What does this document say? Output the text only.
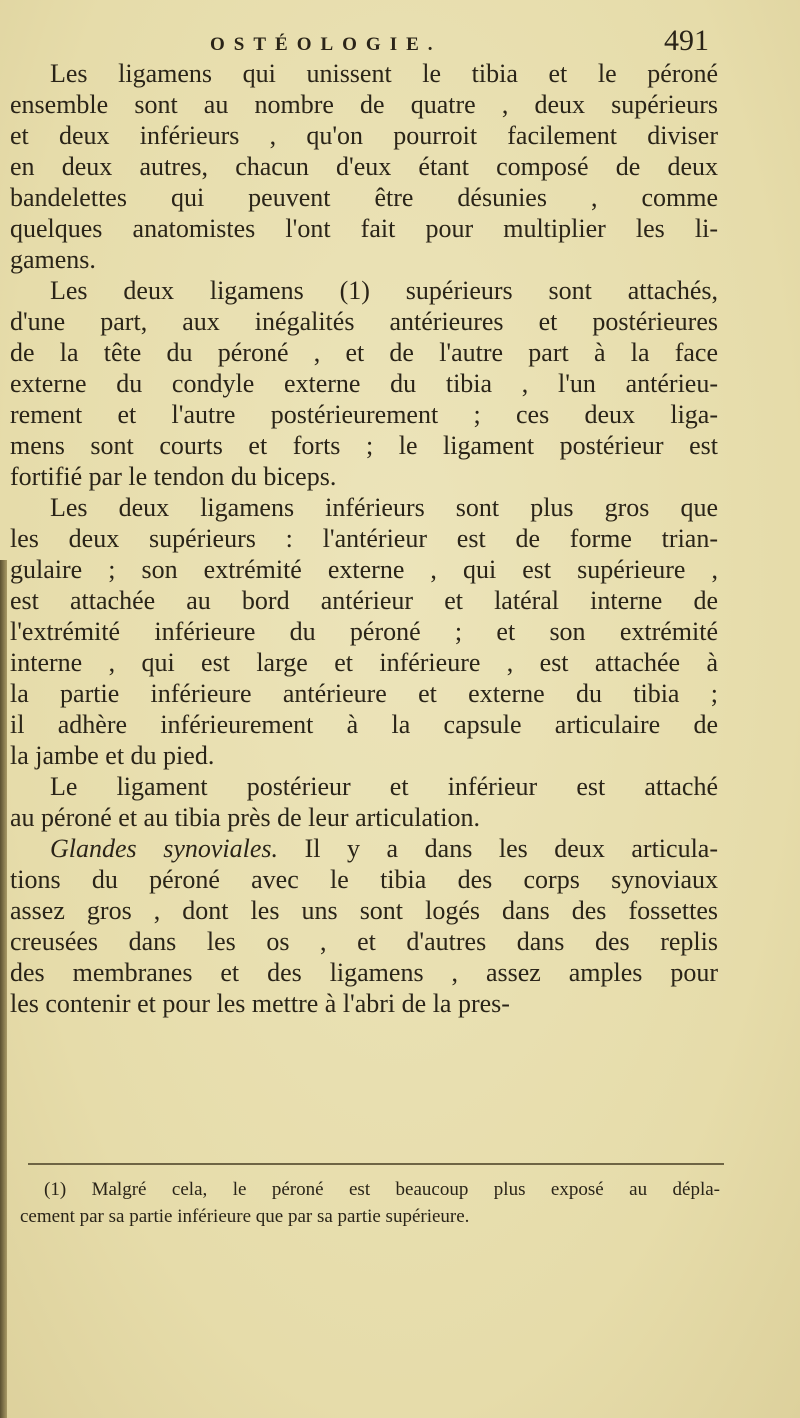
OSTÉOLOGIE.	491
Les ligamens qui unissent le tibia et le péroné
ensemble sont au nombre de quatre , deux supérieurs
et deux inférieurs , qu'on pourroit facilement diviser
en deux autres, chacun d'eux étant composé de deux
bandelettes qui peuvent être désunies , comme
quelques anatomistes l'ont fait pour multiplier les li-
gamens.
Les deux ligamens (1) supérieurs sont attachés,
d'une part, aux inégalités antérieures et postérieures
de la tête du péroné , et de l'autre part à la face
externe du condyle externe du tibia , l'un antérieu-
rement et l'autre postérieurement ; ces deux liga-
mens sont courts et forts ; le ligament postérieur est
fortifié par le tendon du biceps.
Les deux ligamens inférieurs sont plus gros que
les deux supérieurs : l'antérieur est de forme trian-
gulaire ; son extrémité externe , qui est supérieure ,
est attachée au bord antérieur et latéral interne de
l'extrémité inférieure du péroné ; et son extrémité
interne , qui est large et inférieure , est attachée à
la partie inférieure antérieure et externe du tibia ;
il adhère inférieurement à la capsule articulaire de
la jambe et du pied.
Le ligament postérieur et inférieur est attaché
au péroné et au tibia près de leur articulation.
Glandes synoviales. Il y a dans les deux articula-
tions du péroné avec le tibia des corps synoviaux
assez gros , dont les uns sont logés dans des fossettes
creusées dans les os , et d'autres dans des replis
des membranes et des ligamens , assez amples pour
les contenir et pour les mettre à l'abri de la pres-
(1) Malgré cela, le péroné est beaucoup plus exposé au dépla-
cement par sa partie inférieure que par sa partie supérieure.
